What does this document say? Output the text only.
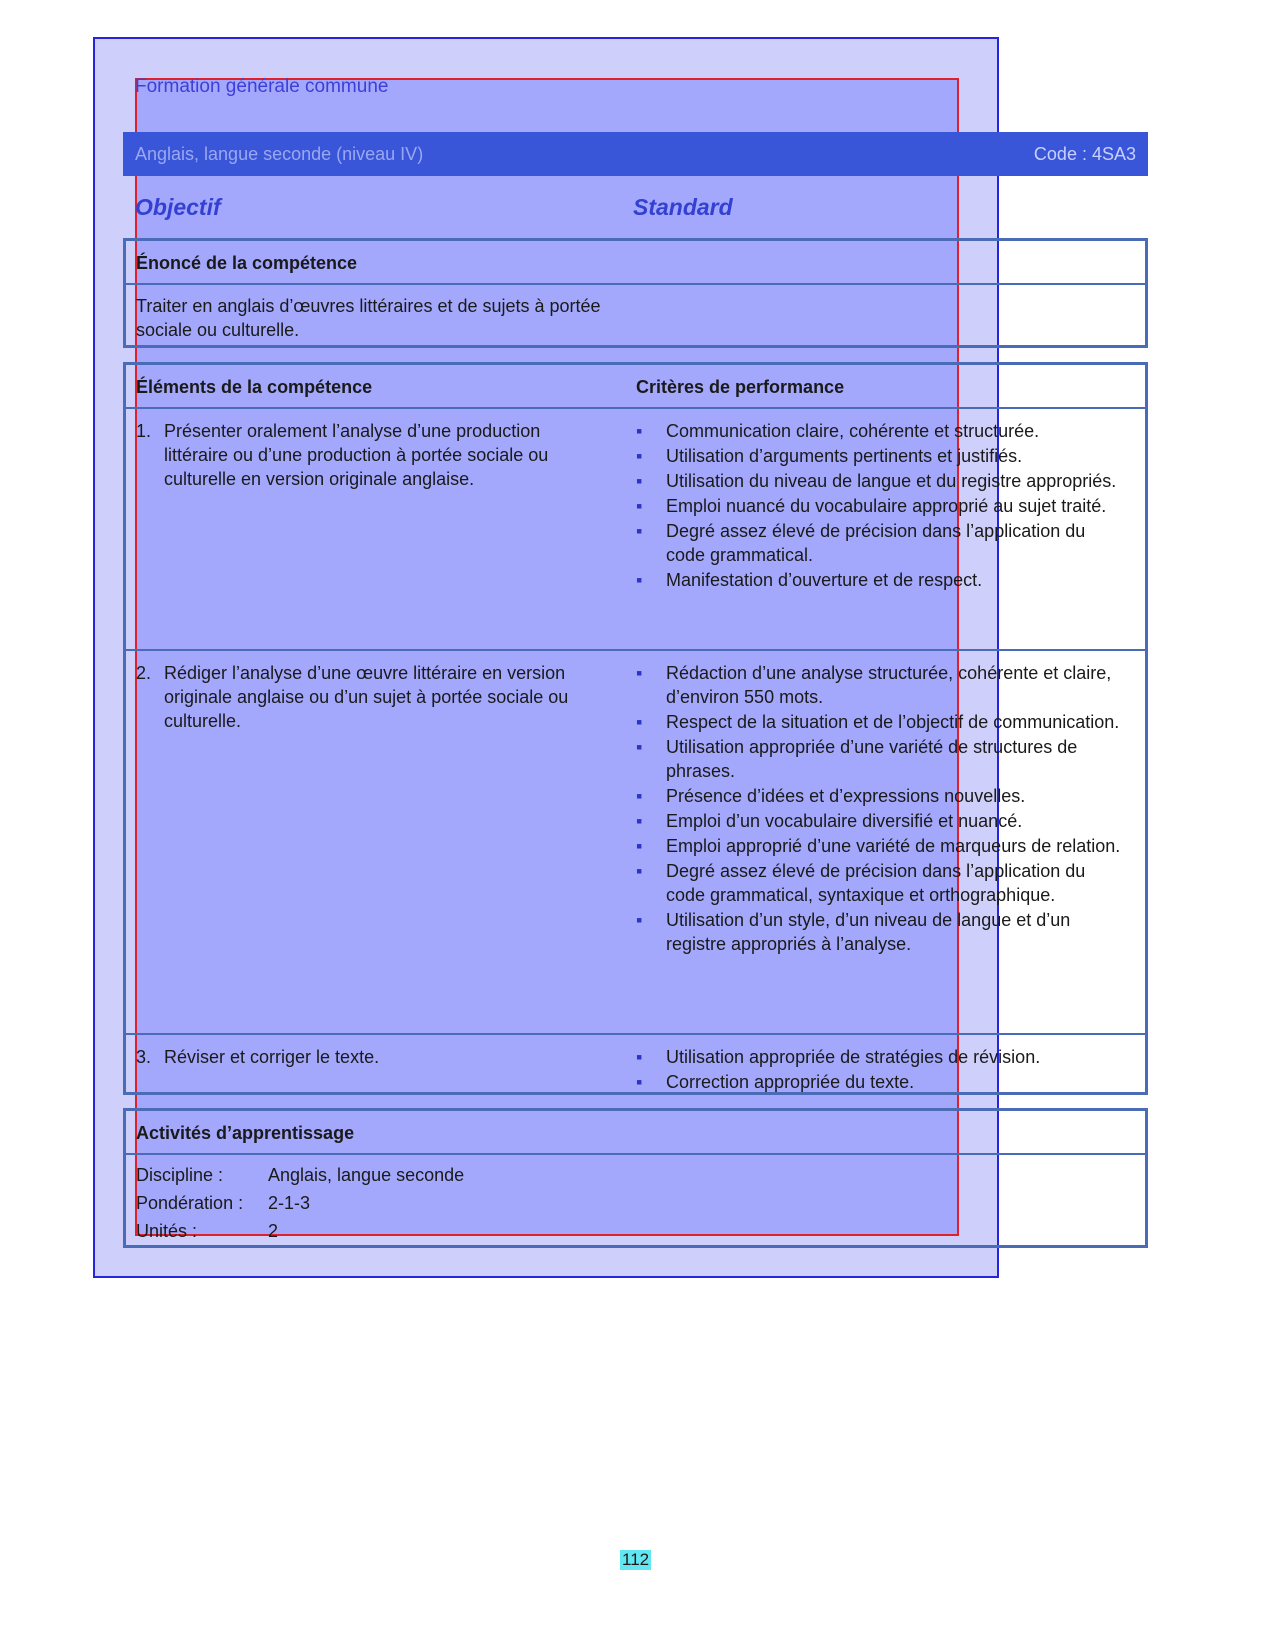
Formation générale commune
Anglais, langue seconde (niveau IV)	Code : 4SA3
Objectif	Standard
Énoncé de la compétence
Traiter en anglais d’œuvres littéraires et de sujets à portée sociale ou culturelle.
Éléments de la compétence	Critères de performance
1. Présenter oralement l’analyse d’une production littéraire ou d’une production à portée sociale ou culturelle en version originale anglaise.
▪ Communication claire, cohérente et structurée.
▪ Utilisation d’arguments pertinents et justifiés.
▪ Utilisation du niveau de langue et du registre appropriés.
▪ Emploi nuancé du vocabulaire approprié au sujet traité.
▪ Degré assez élevé de précision dans l’application du code grammatical.
▪ Manifestation d’ouverture et de respect.
2. Rédiger l’analyse d’une œuvre littéraire en version originale anglaise ou d’un sujet à portée sociale ou culturelle.
▪ Rédaction d’une analyse structurée, cohérente et claire, d’environ 550 mots.
▪ Respect de la situation et de l’objectif de communication.
▪ Utilisation appropriée d’une variété de structures de phrases.
▪ Présence d’idées et d’expressions nouvelles.
▪ Emploi d’un vocabulaire diversifié et nuancé.
▪ Emploi approprié d’une variété de marqueurs de relation.
▪ Degré assez élevé de précision dans l’application du code grammatical, syntaxique et orthographique.
▪ Utilisation d’un style, d’un niveau de langue et d’un registre appropriés à l’analyse.
3. Réviser et corriger le texte.
▪	Utilisation appropriée de stratégies de révision.
▪ Correction appropriée du texte.
Activités d’apprentissage
Discipline :	Anglais, langue seconde
Pondération :	2-1-3
Unités :	2
112
